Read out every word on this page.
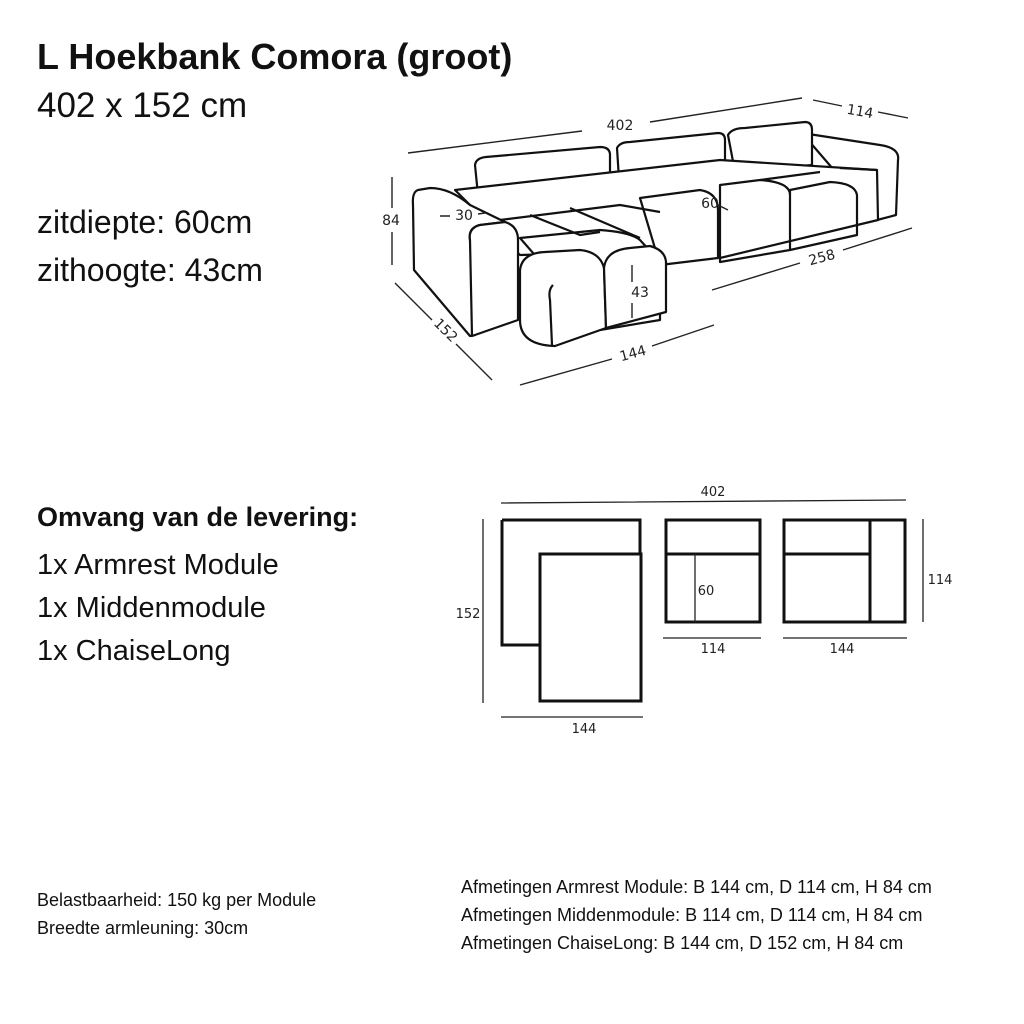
L Hoekbank Comora (groot)
402 x 152 cm
zitdiepte: 60cm
zithoogte: 43cm
Omvang van de levering:
1x Armrest Module
1x Middenmodule
1x ChaiseLong
402
114
84
152
144
258
30
60
43
402
152
144
60
114	144
114
Belastbaarheid: 150 kg per Module
Breedte armleuning: 30cm
Afmetingen Armrest Module: B 144 cm, D 114 cm, H 84 cm
Afmetingen Middenmodule: B 114 cm, D 114 cm, H 84 cm
Afmetingen ChaiseLong: B 144 cm, D 152 cm, H 84 cm
